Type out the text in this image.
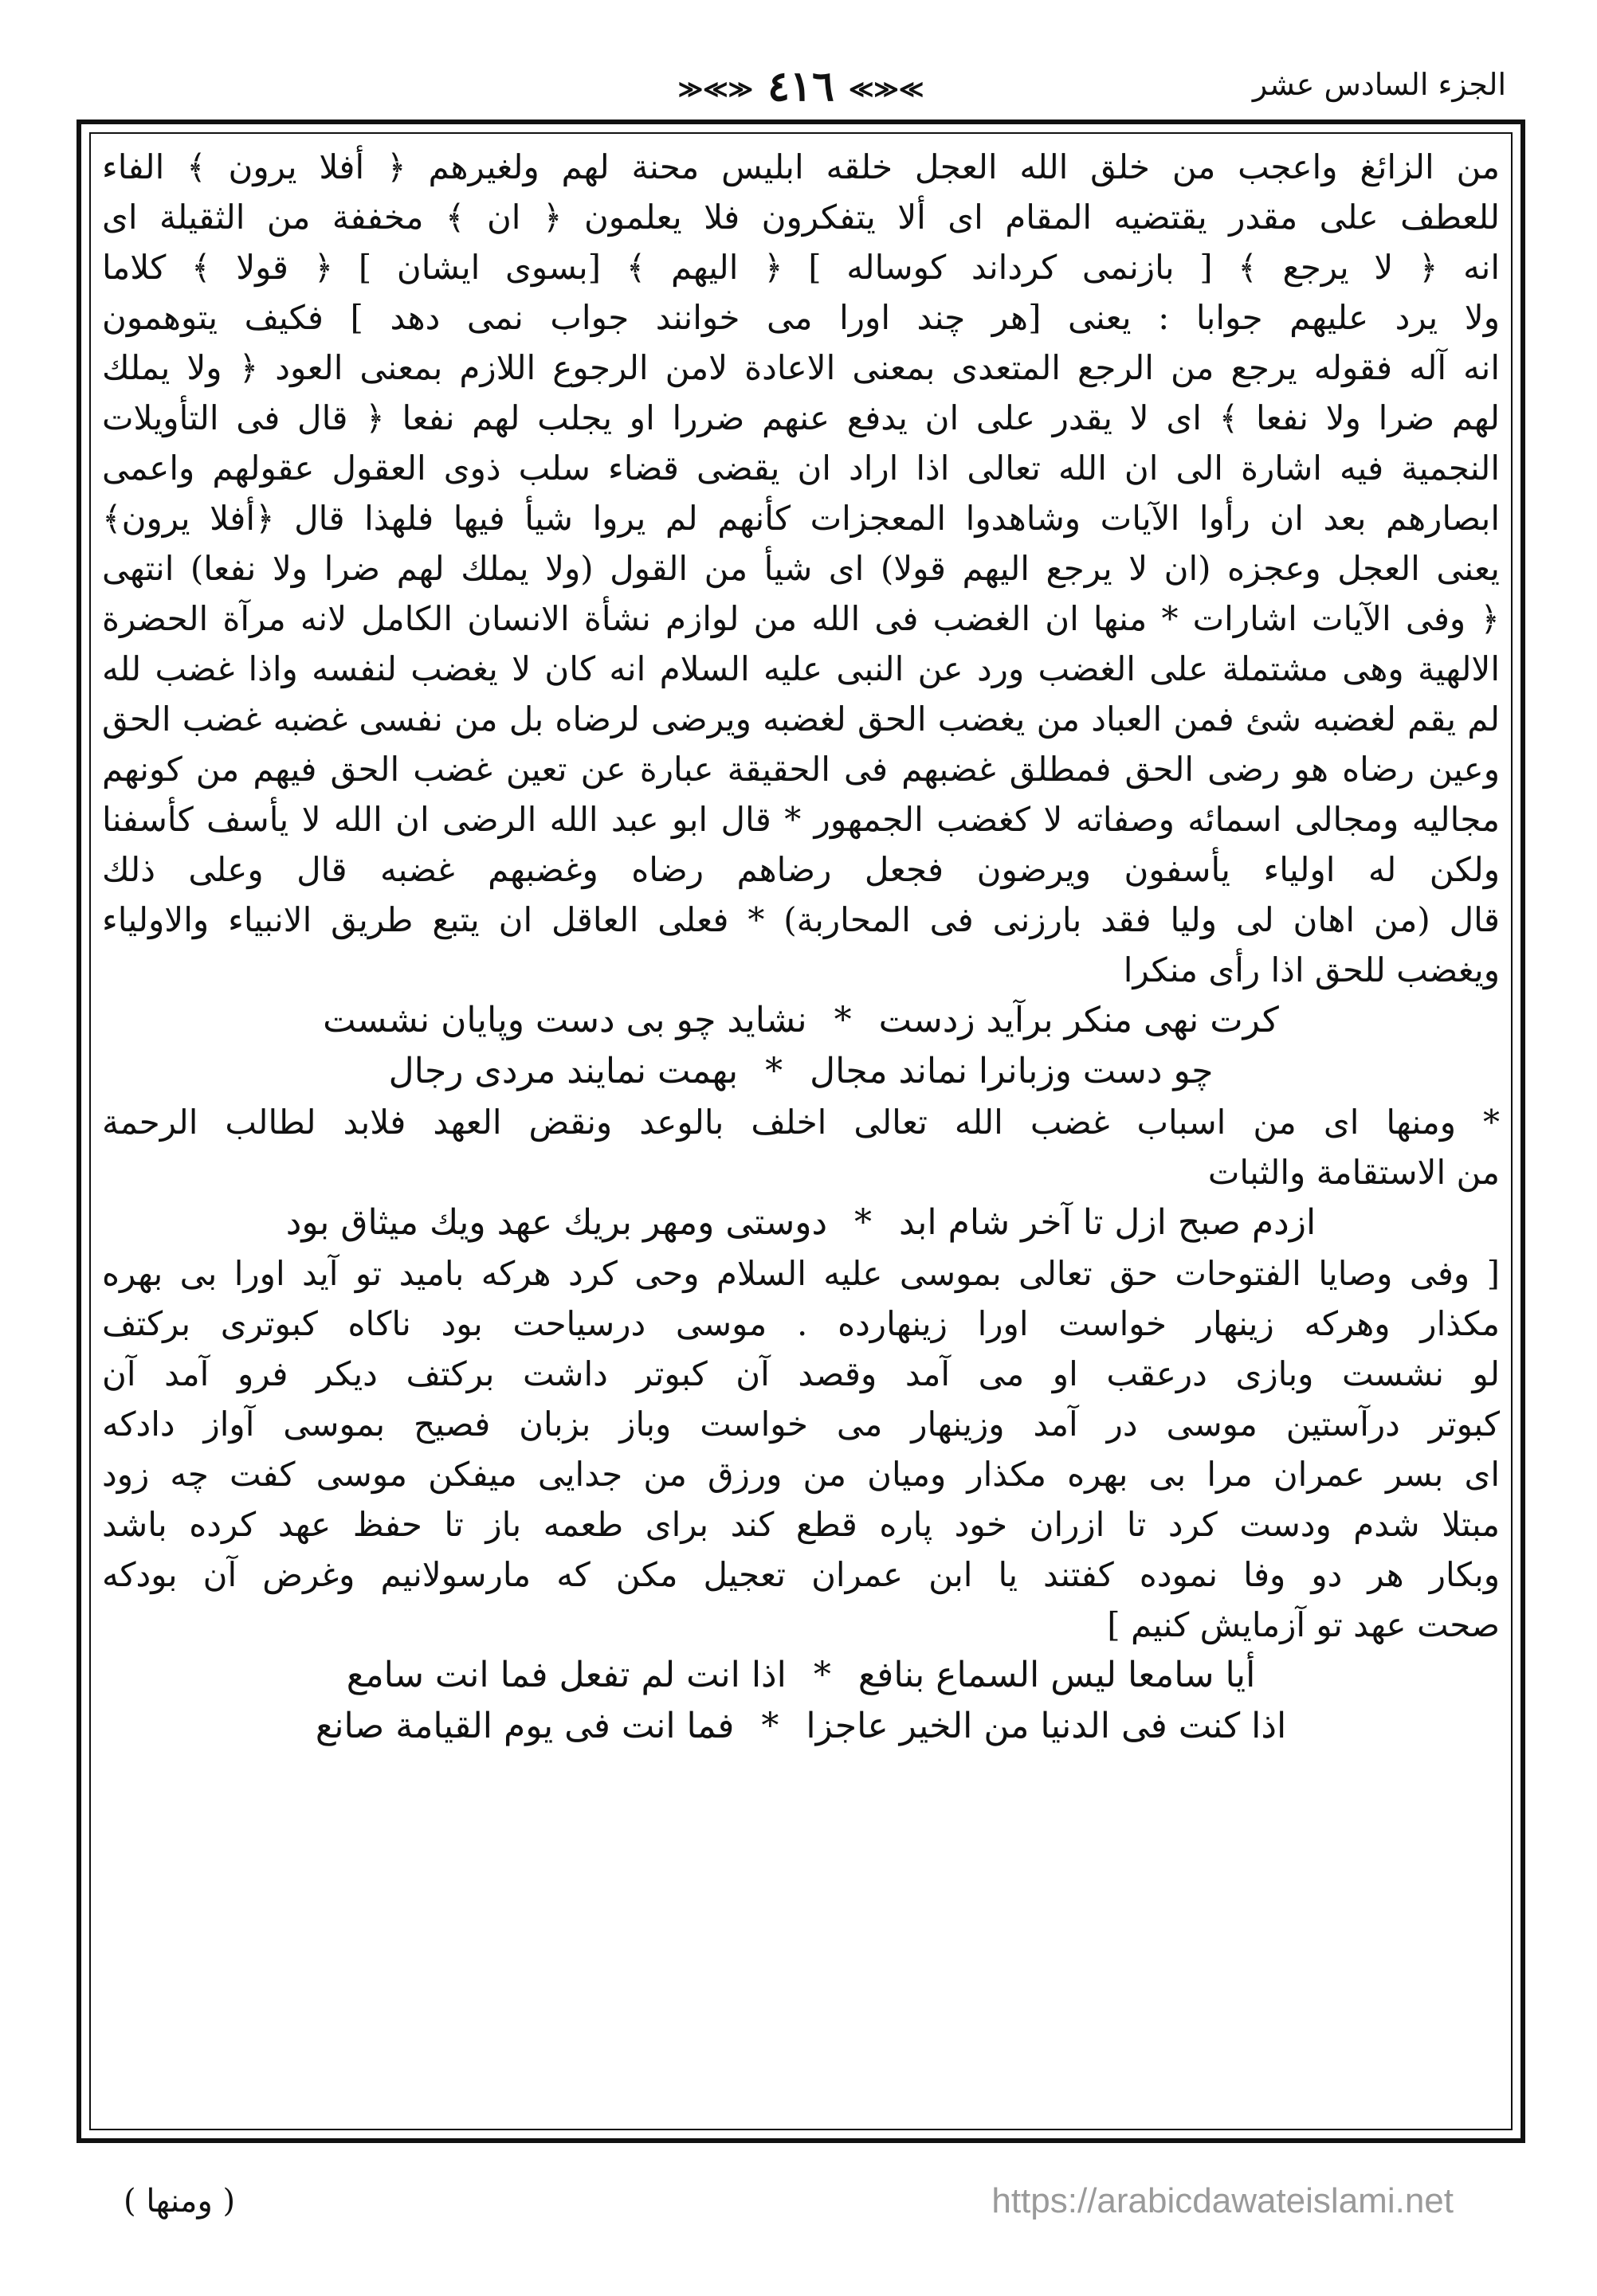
الجزء السادس عشر
≫≪≫ ٤١٦ ≪≫≪
من الزائغ واعجب من خلق الله العجل خلقه ابليس محنة لهم ولغيرهم ﴿ أفلا يرون ﴾ الفاء
للعطف على مقدر يقتضيه المقام اى ألا يتفكرون فلا يعلمون ﴿ ان ﴾ مخففة من الثقيلة اى
انه ﴿ لا يرجع ﴾ [ بازنمى كرداند كوساله ] ﴿ اليهم ﴾ [بسوى ايشان ] ﴿ قولا ﴾ كلاما
ولا يرد عليهم جوابا : يعنى [هر چند اورا مى خوانند جواب نمى دهد ] فكيف يتوهمون
انه آله فقوله يرجع من الرجع المتعدى بمعنى الاعادة لامن الرجوع اللازم بمعنى العود ﴿ ولا يملك
لهم ضرا ولا نفعا ﴾ اى لا يقدر على ان يدفع عنهم ضررا او يجلب لهم نفعا ﴿ قال فى التأويلات
النجمية فيه اشارة الى ان الله تعالى اذا اراد ان يقضى قضاء سلب ذوى العقول عقولهم واعمى
ابصارهم بعد ان رأوا الآيات وشاهدوا المعجزات كأنهم لم يروا شيأ فيها فلهذا قال ﴿أفلا يرون﴾
يعنى العجل وعجزه (ان لا يرجع اليهم قولا) اى شيأ من القول (ولا يملك لهم ضرا ولا نفعا) انتهى
﴿ وفى الآيات اشارات * منها ان الغضب فى الله من لوازم نشأة الانسان الكامل لانه مرآة الحضرة
الالهية وهى مشتملة على الغضب ورد عن النبى عليه السلام انه كان لا يغضب لنفسه واذا غضب لله
لم يقم لغضبه شئ فمن العباد من يغضب الحق لغضبه ويرضى لرضاه بل من نفسى غضبه غضب الحق
وعين رضاه هو رضى الحق فمطلق غضبهم فى الحقيقة عبارة عن تعين غضب الحق فيهم من كونهم
مجاليه ومجالى اسمائه وصفاته لا كغضب الجمهور * قال ابو عبد الله الرضى ان الله لا يأسف كأسفنا
ولكن له اولياء يأسفون ويرضون فجعل رضاهم رضاه وغضبهم غضبه قال وعلى ذلك
قال (من اهان لى وليا فقد بارزنى فى المحاربة) * فعلى العاقل ان يتبع طريق الانبياء والاولياء
ويغضب للحق اذا رأى منكرا
كرت نهى منكر برآيد زدست
*
نشايد چو بى دست وپايان نشست
چو دست وزبانرا نماند مجال
*
بهمت نمايند مردى رجال
* ومنها اى من اسباب غضب الله تعالى اخلف بالوعد ونقض العهد فلابد لطالب الرحمة
من الاستقامة والثبات
ازدم صبح ازل تا آخر شام ابد
*
دوستى ومهر بريك عهد ويك ميثاق بود
[ وفى وصايا الفتوحات حق تعالى بموسى عليه السلام وحى كرد هركه باميد تو آيد اورا بى بهره
مكذار وهركه زينهار خواست اورا زينهارده . موسى درسياحت بود ناكاه كبوترى بركتف
لو نشست وبازى درعقب او مى آمد وقصد آن كبوتر داشت بركتف ديكر فرو آمد آن
كبوتر درآستين موسى در آمد وزينهار مى خواست وباز بزبان فصيح بموسى آواز دادكه
اى بسر عمران مرا بى بهره مكذار وميان من ورزق من جدايى ميفكن موسى كفت چه زود
مبتلا شدم ودست كرد تا ازران خود پاره قطع كند براى طعمه باز تا حفظ عهد كرده باشد
وبكار هر دو وفا نموده كفتند يا ابن عمران تعجيل مكن كه مارسولانيم وغرض آن بودكه
صحت عهد تو آزمايش كنيم ]
أيا سامعا ليس السماع بنافع
*
اذا انت لم تفعل فما انت سامع
اذا كنت فى الدنيا من الخير عاجزا
*
فما انت فى يوم القيامة صانع
( ومنها )	https://arabicdawateislami.net
